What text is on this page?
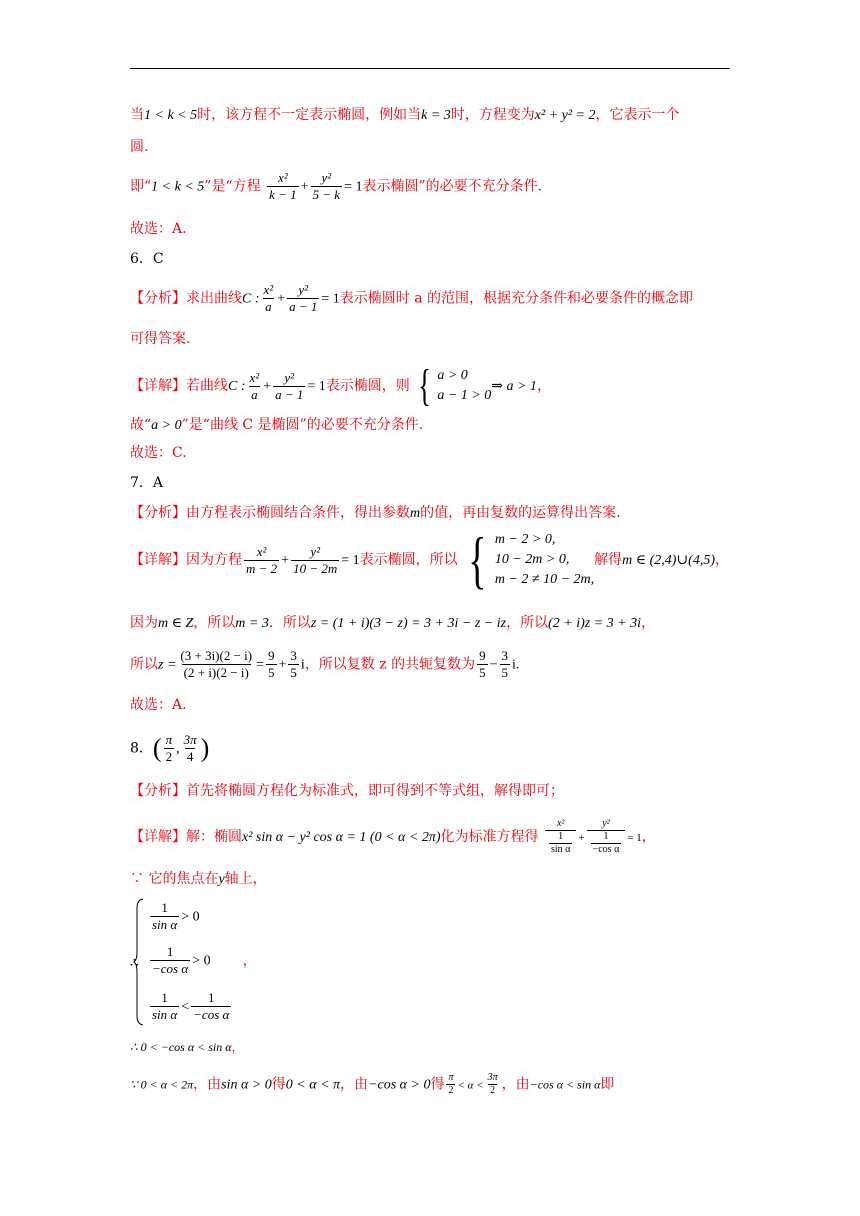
当1 < k < 5时，该方程不一定表示椭圆，例如当k = 3时，方程变为x² + y² = 2，它表示一个
圆.
即“1 < k < 5”是“方程 $\frac{\text{x²}}{k - 1} + \frac{\text{y²}}{5 - k} = 1$表示椭圆”的必要不充分条件.
故选：A.
6．C
【分析】求出曲线C : $\frac{\text{x²}}{a} + \frac{\text{y²}}{a - 1} = 1$表示椭圆时 a 的范围，根据充分条件和必要条件的概念即
可得答案.
【详解】若曲线C : $\frac{\text{x²}}{a} + \frac{\text{y²}}{a - 1} = 1$表示椭圆，则 { a > 0
a − 1 > 0
⇒ a > 1，
故“a > 0”是“曲线 C 是椭圆”的必要不充分条件.
故选：C.
7．A
【分析】由方程表示椭圆结合条件，得出参数m的值，再由复数的运算得出答案.
【详解】因为方程 $\frac{\text{x²}}{m - 2} + \frac{\text{y²}}{10 - 2m} = 1$表示椭圆，所以 { m − 2 > 0,
10 − 2m > 0,
m − 2 ≠ 10 − 2m,
解得m ∈ (2,4)∪(4,5)，
因为m ∈ Z，所以m = 3．所以z = (1 + i)(3 − z) = 3 + 3i − z − iz，所以(2 + i)z = 3 + 3i，
所以$z = \frac{(3 + 3i)(2 - i)}{(2 + i)(2 - i)} = \frac{9}{5} + \frac{3}{5}$ i，所以复数 z 的共轭复数为 $\frac{9}{5} - \frac{3}{5} i$.
故选：A.
8．( $\frac{\pi}{2}$ , $\frac{3\pi}{4}$ )
【分析】首先将椭圆方程化为标准式，即可得到不等式组，解得即可；
【详解】解：椭圆x² sin α − y² cos α = 1 (0 < α < 2π)化为标准方程得 $\frac{\text{x²}}{\frac{1}{\text{sin α}}} + \frac{\text{y²}}{\frac{1}{\text{−cos α}}} = 1$，
∵ 它的焦点在y轴上，
∴
$\frac{1}{\text{sin α}} > 0$
$\frac{1}{\text{−cos α}} > 0$ ，
$\frac{1}{\text{sin α}} < \frac{1}{\text{−cos α}}$
∴ 0 < −cos α < sin α，
∵ 0 < α < 2π，由sin α > 0得0 < α < π，由−cos α > 0得 $\frac{\pi}{2} < \alpha < \frac{3\pi}{2}$ ，由−cos α < sin α即
